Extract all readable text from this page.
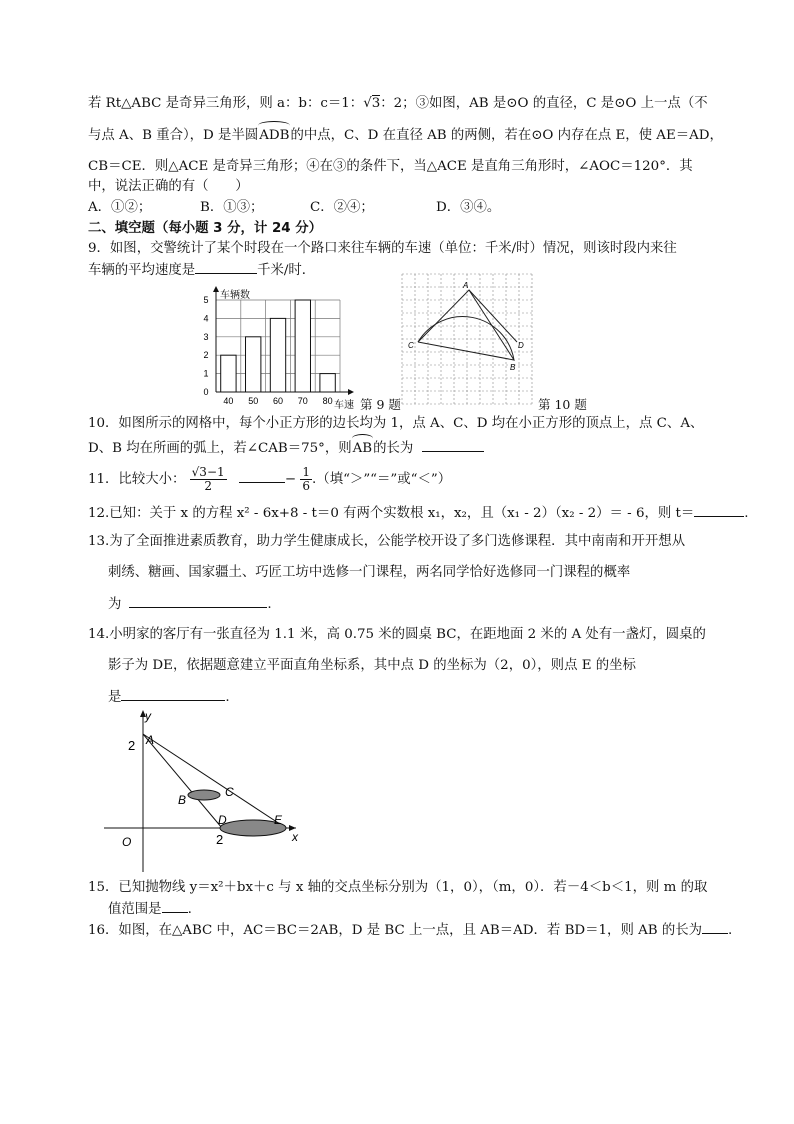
若 Rt△ABC 是奇异三角形，则 a：b：c＝1：√3：2；③如图，AB 是⊙O 的直径，C 是⊙O 上一点（不
与点 A、B 重合），D 是半圆ADB的中点，C、D 在直径 AB 的两侧，若在⊙O 内存在点 E，使 AE＝AD，
CB＝CE．则△ACE 是奇异三角形；④在③的条件下，当△ACE 是直角三角形时，∠AOC＝120°．其
中，说法正确的有（　　）
A．①②；	B．①③；	C．②④；	D．③④。
二、填空题（每小题 3 分，计 24 分）
9．如图，交警统计了某个时段在一个路口来往车辆的车速（单位：千米/时）情况，则该时段内来往
车辆的平均速度是	千米/时．
0
1
2
3
4
5
40 50 60 70 80
车辆数
车速 第 9 题
A
C	D
B
第 10 题
10．如图所示的网格中，每个小正方形的边长均为 1，点 A、C、D 均在小正方形的顶点上，点 C、A、
D、B 均在所画的弧上，若∠CAB＝75°，则AB的长为
11．比较大小： $\frac{√3-1}{2}$	− $\frac{1}{6}$ .（填“＞”“＝”或“＜”）
12.已知：关于 x 的方程 x² - 6x+8 - t＝0 有两个实数根 x₁，x₂，且（x₁ - 2）（x₂ - 2）＝ - 6，则 t＝	.
13.为了全面推进素质教育，助力学生健康成长，公能学校开设了多门选修课程．其中南南和开开想从
刺绣、糖画、国家疆土、巧匠工坊中选修一门课程，两名同学恰好选修同一门课程的概率
为	.
14.小明家的客厅有一张直径为 1.1 米，高 0.75 米的圆桌 BC，在距地面 2 米的 A 处有一盏灯，圆桌的
影子为 DE，依据题意建立平面直角坐标系，其中点 D 的坐标为（2，0），则点 E 的坐标
是	.
y
x
O
2
2
A
B
C
D	E
15．已知抛物线 y＝x²＋bx＋c 与 x 轴的交点坐标分别为（1，0），（m，0）．若－4＜b＜1，则 m 的取
值范围是 .
16．如图，在△ABC 中，AC＝BC＝2AB，D 是 BC 上一点，且 AB＝AD．若 BD＝1，则 AB 的长为 .
